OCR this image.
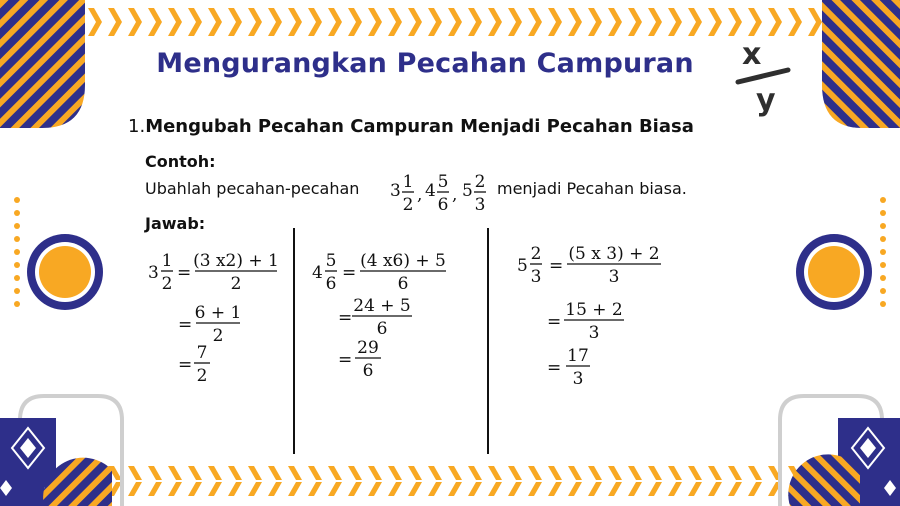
x
y
Mengurangkan Pecahan Campuran
1.Mengubah Pecahan Campuran Menjadi Pecahan Biasa
Contoh:
Ubahlah pecahan-pecahan	menjadi Pecahan biasa.
Jawab:
3 1
2 , 4 5
6 , 5 2
3
3
1
2
=
(3 x2) + 1
2
=
6 + 1
2
=
7
2
4
5
6
=
(4 x6) + 5
6
=
24 + 5
6
=
29
6
5
2
3
=
(5 x 3) + 2
3
=
15 + 2
3
=
17
3
